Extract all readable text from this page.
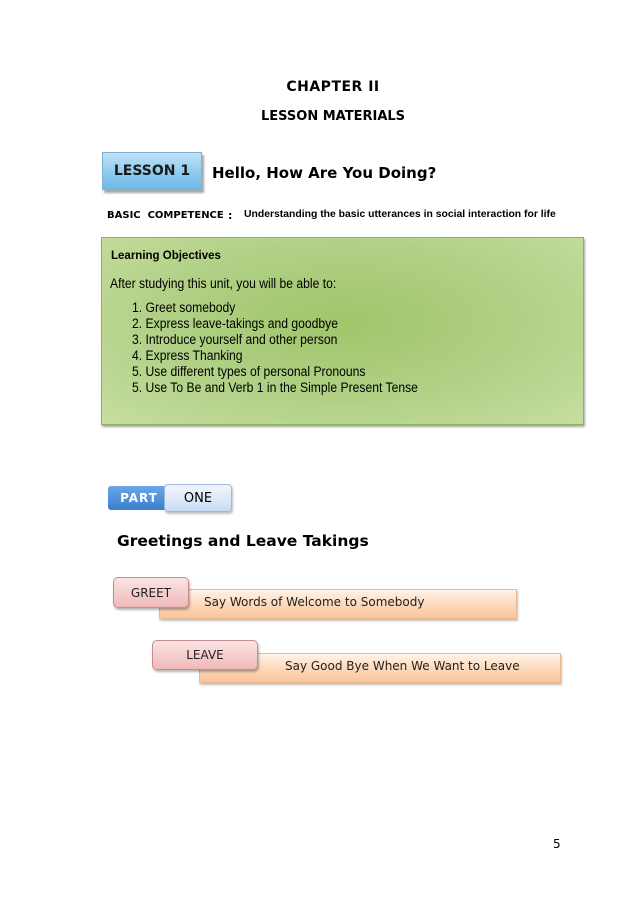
CHAPTER II
LESSON MATERIALS
LESSON 1	Hello, How Are You Doing?
BASIC  COMPETENCE : Understanding the basic utterances in social interaction for life
Learning Objectives
After studying this unit, you will be able to:
1. Greet somebody
2. Express leave-takings and goodbye
3. Introduce yourself and other person
4. Express Thanking
5. Use different types of personal Pronouns
5. Use To Be and Verb 1 in the Simple Present Tense
PART	ONE
Greetings and Leave Takings
Say Words of Welcome to Somebody
GREET
Say Good Bye When We Want to Leave
LEAVE
5
